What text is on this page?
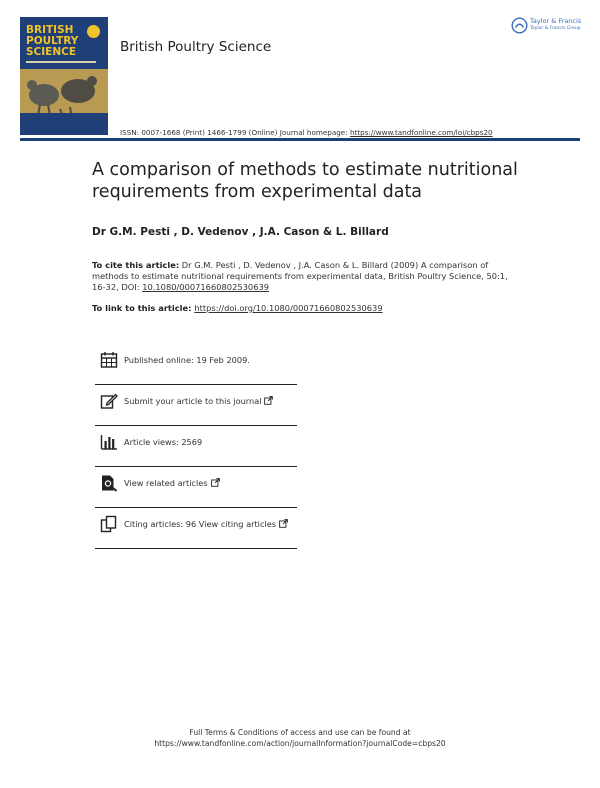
BRITISH
POULTRY
SCIENCE	British Poultry Science
Taylor & Francis
Taylor & Francis Group
ISSN: 0007-1668 (Print) 1466-1799 (Online) Journal homepage: https://www.tandfonline.com/loi/cbps20
A comparison of methods to estimate nutritional requirements from experimental data
Dr G.M. Pesti , D. Vedenov , J.A. Cason & L. Billard
To cite this article: Dr G.M. Pesti , D. Vedenov , J.A. Cason & L. Billard (2009) A comparison of methods to estimate nutritional requirements from experimental data, British Poultry Science, 50:1, 16-32, DOI: 10.1080/00071660802530639
To link to this article: https://doi.org/10.1080/00071660802530639
Published online: 19 Feb 2009.
Submit your article to this journal
Article views: 2569
View related articles
Citing articles: 96 View citing articles
Full Terms & Conditions of access and use can be found at
https://www.tandfonline.com/action/journalInformation?journalCode=cbps20
